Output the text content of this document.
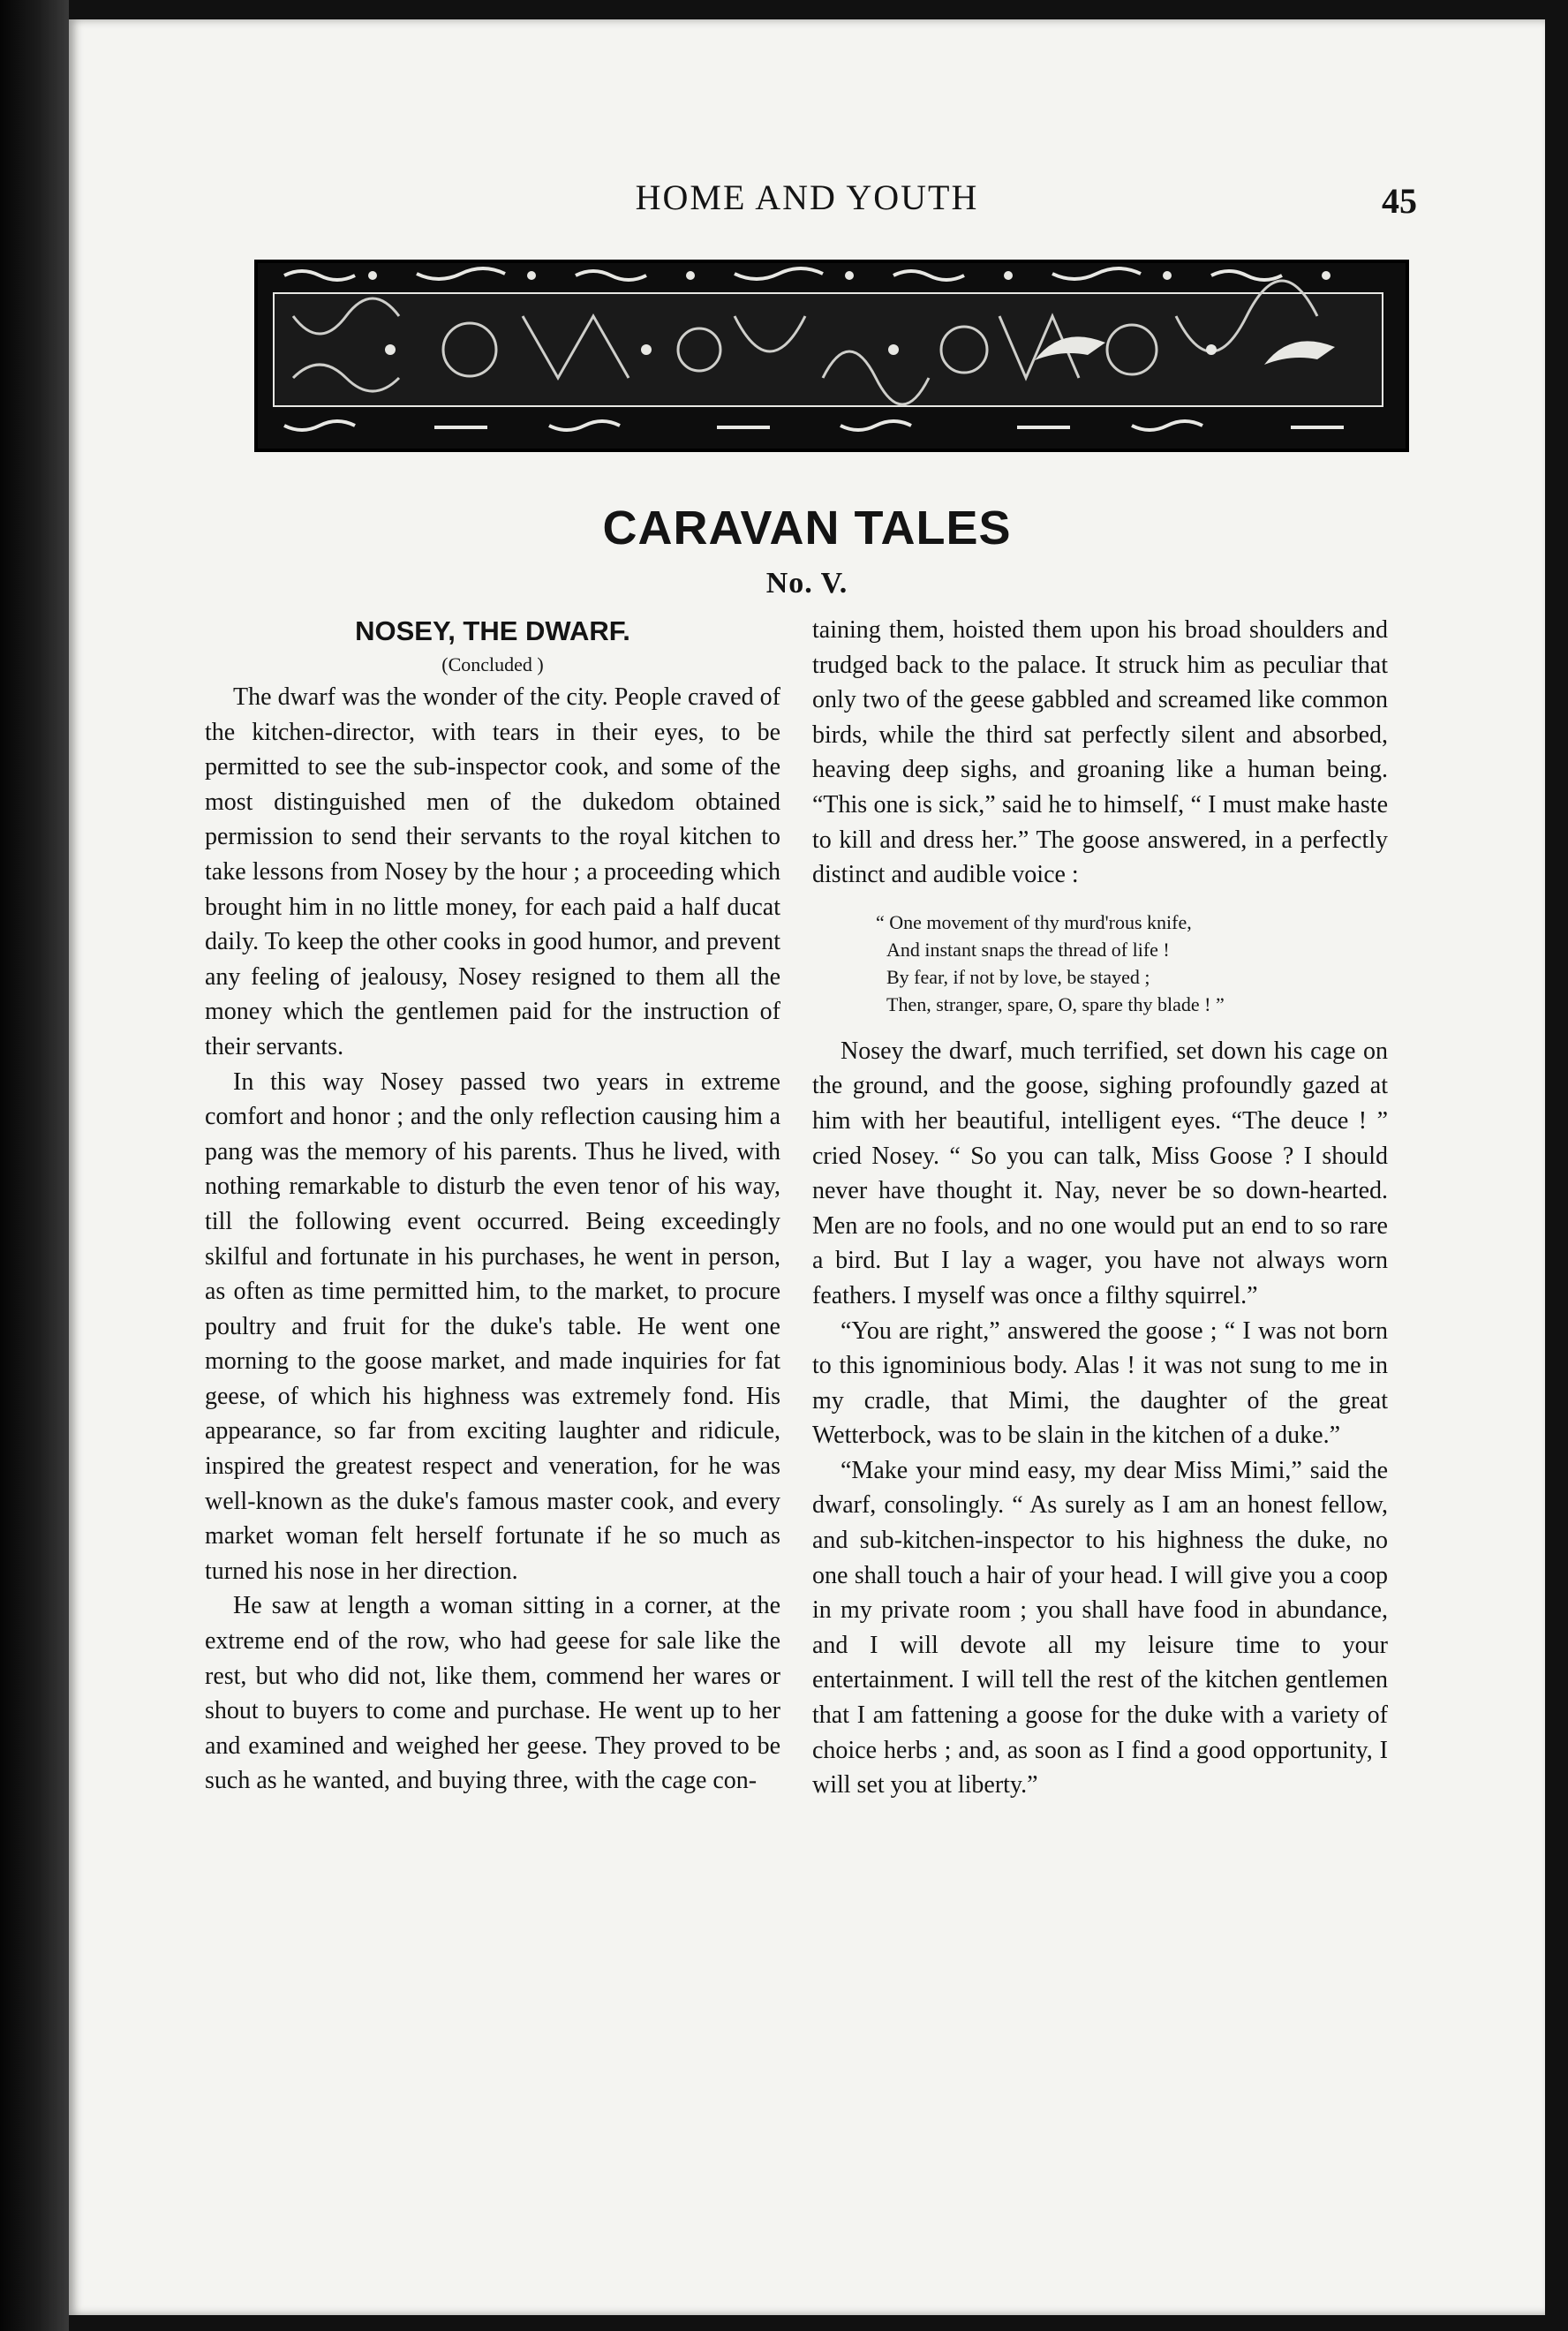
HOME AND YOUTH	45
CARAVAN TALES
No. V.

NOSEY, THE DWARF.

(Concluded )

The dwarf was the wonder of the city. People craved of the kitchen-director, with tears in their eyes, to be permitted to see the sub-inspector cook, and some of the most distinguished men of the dukedom obtained permission to send their servants to the royal kitchen to take lessons from Nosey by the hour ; a proceeding which brought him in no little money, for each paid a half ducat daily. To keep the other cooks in good humor, and prevent any feeling of jealousy, Nosey resigned to them all the money which the gentlemen paid for the instruction of their servants.

In this way Nosey passed two years in extreme comfort and honor ; and the only reflection causing him a pang was the memory of his parents. Thus he lived, with nothing remarkable to disturb the even tenor of his way, till the following event occurred. Being exceedingly skilful and fortunate in his purchases, he went in person, as often as time permitted him, to the market, to procure poultry and fruit for the duke's table. He went one morning to the goose market, and made inquiries for fat geese, of which his highness was extremely fond. His appearance, so far from exciting laughter and ridicule, inspired the greatest respect and veneration, for he was well-known as the duke's famous master cook, and every market woman felt herself fortunate if he so much as turned his nose in her direction.

He saw at length a woman sitting in a corner, at the extreme end of the row, who had geese for sale like the rest, but who did not, like them, commend her wares or shout to buyers to come and purchase. He went up to her and examined and weighed her geese. They proved to be such as he wanted, and buying three, with the cage con-

taining them, hoisted them upon his broad shoulders and trudged back to the palace. It struck him as peculiar that only two of the geese gabbled and screamed like common birds, while the third sat perfectly silent and absorbed, heaving deep sighs, and groaning like a human being. “This one is sick,” said he to himself, “ I must make haste to kill and dress her.” The goose answered, in a perfectly distinct and audible voice :

“ One movement of thy murd'rous knife,
And instant snaps the thread of life !
By fear, if not by love, be stayed ;
Then, stranger, spare, O, spare thy blade ! ”

Nosey the dwarf, much terrified, set down his cage on the ground, and the goose, sighing profoundly gazed at him with her beautiful, intelligent eyes. “The deuce ! ” cried Nosey. “ So you can talk, Miss Goose ? I should never have thought it. Nay, never be so down-hearted. Men are no fools, and no one would put an end to so rare a bird. But I lay a wager, you have not always worn feathers. I myself was once a filthy squirrel.”

“You are right,” answered the goose ; “ I was not born to this ignominious body. Alas ! it was not sung to me in my cradle, that Mimi, the daughter of the great Wetterbock, was to be slain in the kitchen of a duke.”

“Make your mind easy, my dear Miss Mimi,” said the dwarf, consolingly. “ As surely as I am an honest fellow, and sub-kitchen-inspector to his highness the duke, no one shall touch a hair of your head. I will give you a coop in my private room ; you shall have food in abundance, and I will devote all my leisure time to your entertainment. I will tell the rest of the kitchen gentlemen that I am fattening a goose for the duke with a variety of choice herbs ; and, as soon as I find a good opportunity, I will set you at liberty.”
